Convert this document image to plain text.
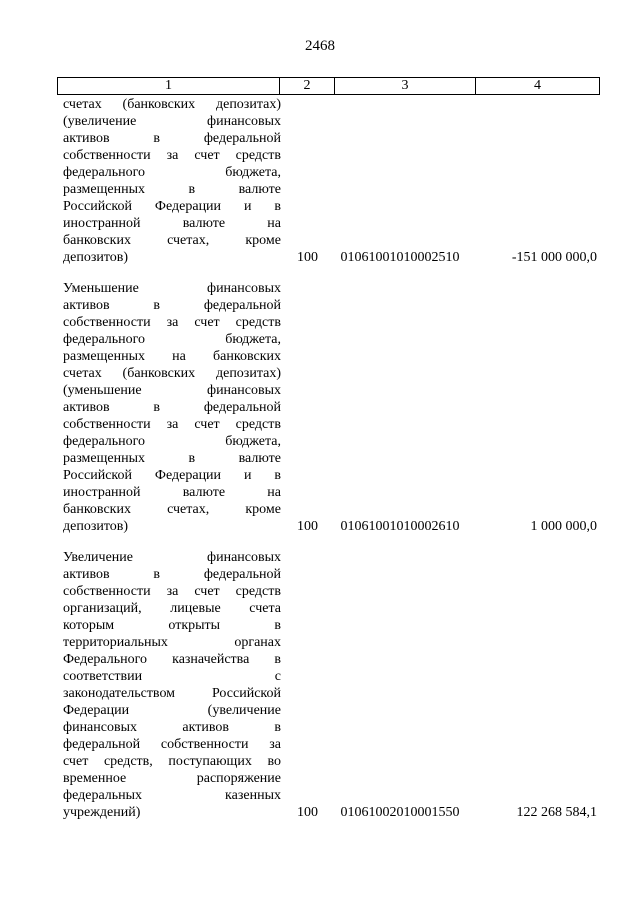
2468
1	2	3	4
счетах (банковских депозитах)
(увеличение финансовых
активов в федеральной
собственности за счет средств
федерального бюджета,
размещенных в валюте
Российской Федерации и в
иностранной валюте на
банковских счетах, кроме
депозитов)	100	01061001010002510	-151 000 000,0
Уменьшение финансовых
активов в федеральной
собственности за счет средств
федерального бюджета,
размещенных на банковских
счетах (банковских депозитах)
(уменьшение финансовых
активов в федеральной
собственности за счет средств
федерального бюджета,
размещенных в валюте
Российской Федерации и в
иностранной валюте на
банковских счетах, кроме
депозитов)	100	01061001010002610	1 000 000,0
Увеличение финансовых
активов в федеральной
собственности за счет средств
организаций, лицевые счета
которым открыты в
территориальных органах
Федерального казначейства в
соответствии с
законодательством Российской
Федерации (увеличение
финансовых активов в
федеральной собственности за
счет средств, поступающих во
временное распоряжение
федеральных казенных
учреждений)	100	01061002010001550	122 268 584,1
